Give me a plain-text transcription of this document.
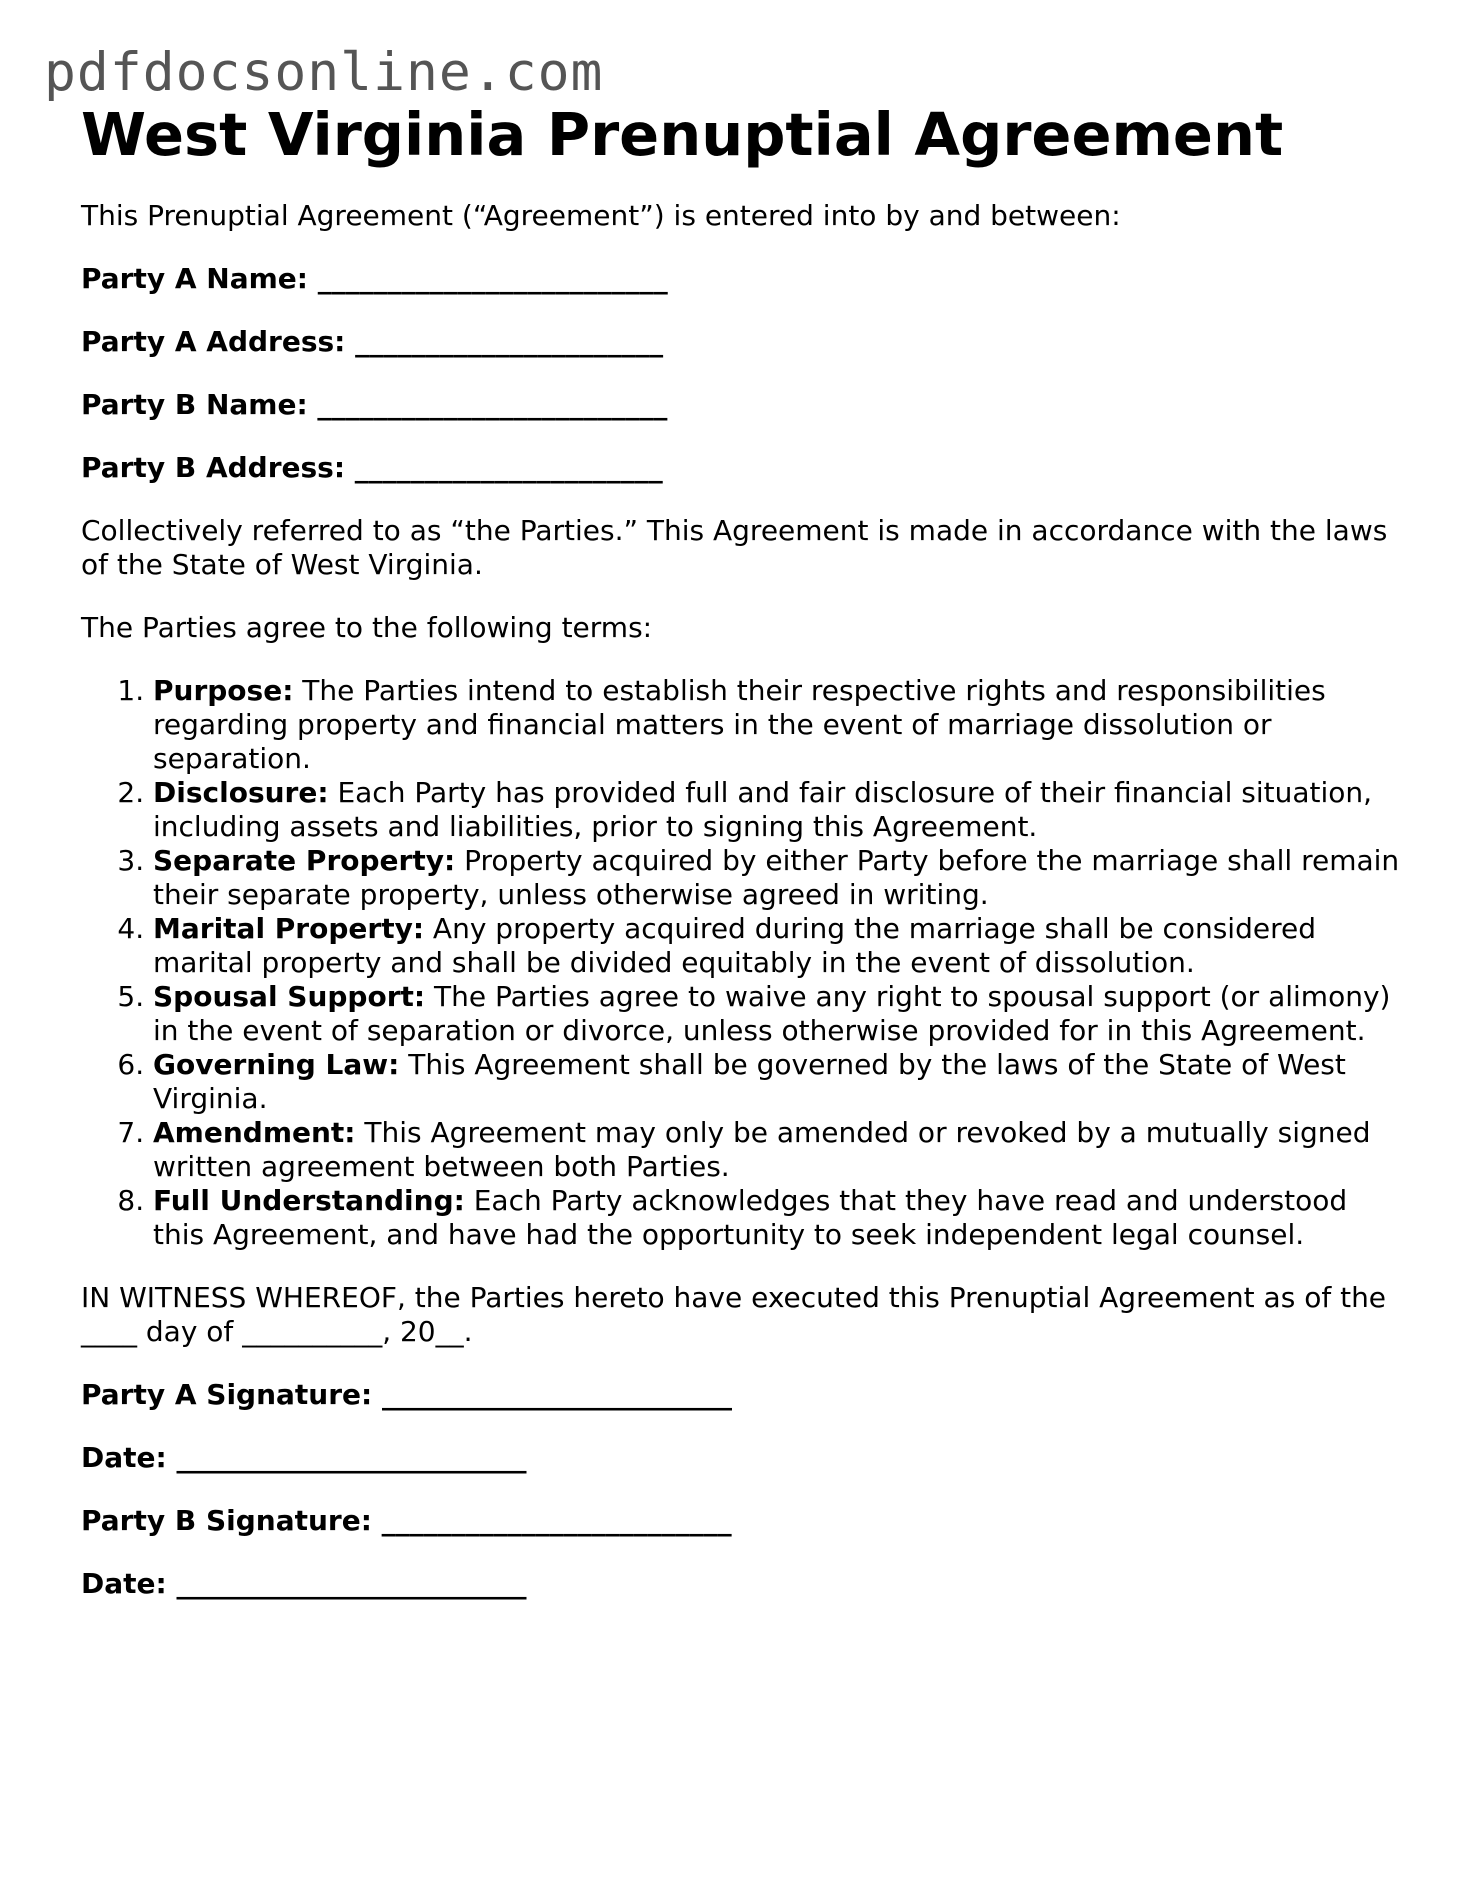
pdfdocsonline.com
West Virginia Prenuptial Agreement

This Prenuptial Agreement (“Agreement”) is entered into by and between:

Party A Name: _________________________
Party A Address: ______________________
Party B Name: _________________________
Party B Address: ______________________

Collectively referred to as “the Parties.” This Agreement is made in accordance with the laws of the State of West Virginia.

The Parties agree to the following terms:

1. Purpose: The Parties intend to establish their respective rights and responsibilities regarding property and financial matters in the event of marriage dissolution or separation.
2. Disclosure: Each Party has provided full and fair disclosure of their financial situation, including assets and liabilities, prior to signing this Agreement.
3. Separate Property: Property acquired by either Party before the marriage shall remain their separate property, unless otherwise agreed in writing.
4. Marital Property: Any property acquired during the marriage shall be considered marital property and shall be divided equitably in the event of dissolution.
5. Spousal Support: The Parties agree to waive any right to spousal support (or alimony) in the event of separation or divorce, unless otherwise provided for in this Agreement.
6. Governing Law: This Agreement shall be governed by the laws of the State of West Virginia.
7. Amendment: This Agreement may only be amended or revoked by a mutually signed written agreement between both Parties.
8. Full Understanding: Each Party acknowledges that they have read and understood this Agreement, and have had the opportunity to seek independent legal counsel.

IN WITNESS WHEREOF, the Parties hereto have executed this Prenuptial Agreement as of the ____ day of __________, 20__.

Party A Signature: _________________________
Date: _________________________
Party B Signature: _________________________
Date: _________________________
